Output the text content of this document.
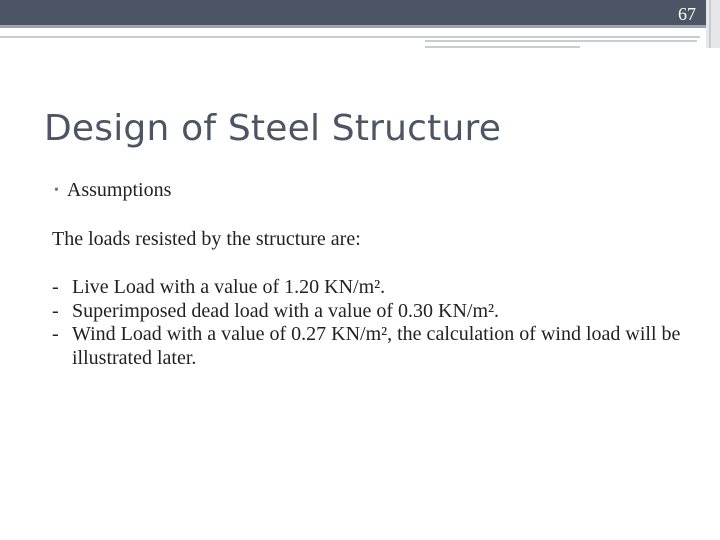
67
Design of Steel Structure
• Assumptions
The loads resisted by the structure are:
- Live Load with a value of 1.20 KN/m².
- Superimposed dead load with a value of 0.30 KN/m².
- Wind Load with a value of 0.27 KN/m², the calculation of wind load will be illustrated later.
